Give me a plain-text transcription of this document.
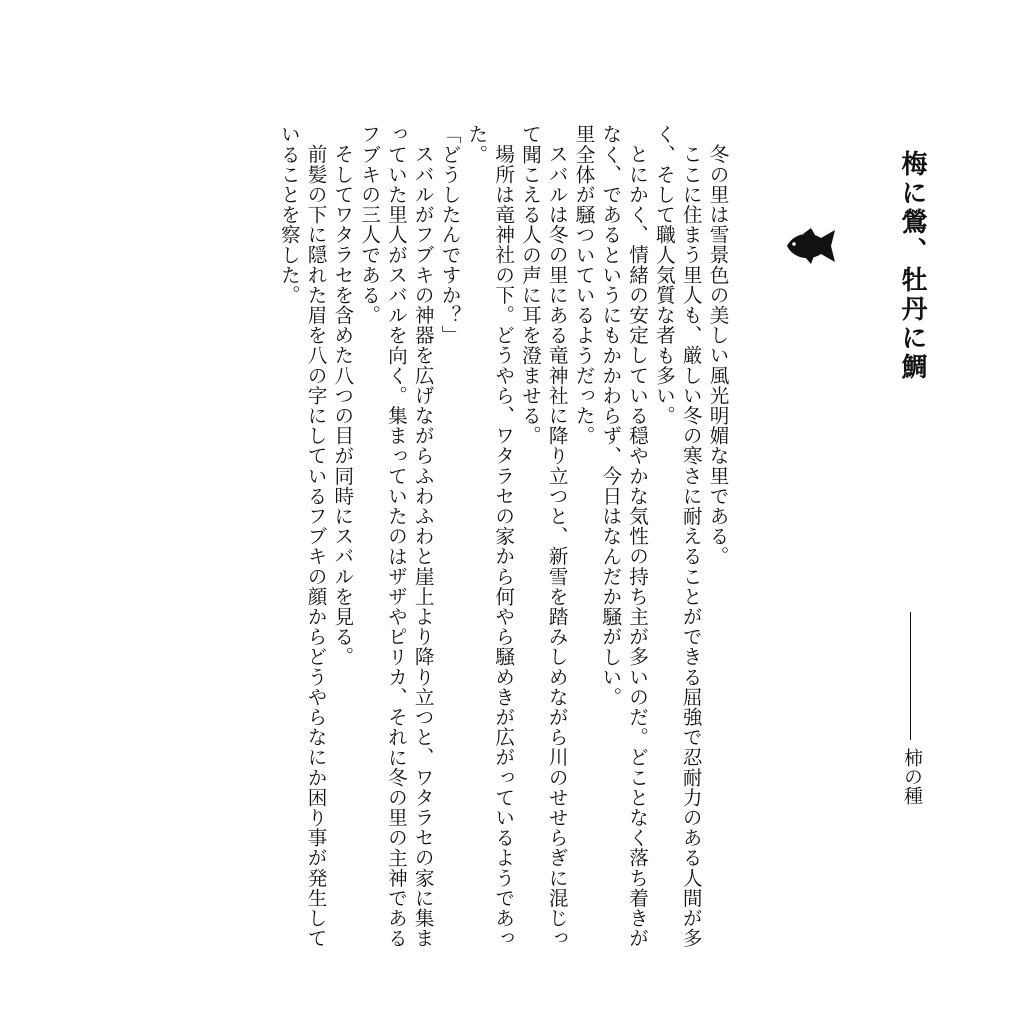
梅に鶯、牡丹に鯛
柿の種

冬の里は雪景色の美しい風光明媚な里である。

ここに住まう里人も、厳しい冬の寒さに耐えることができる屈強で忍耐力のある人間が多く、そして職人気質な者も多い。

とにかく、情緒の安定している穏やかな気性の持ち主が多いのだ。どことなく落ち着きがなく、であるというにもかかわらず、今日はなんだか騒がしい。

里全体が騒ついているようだった。

スバルは冬の里にある竜神社に降り立つと、新雪を踏みしめながら川のせせらぎに混じって聞こえる人の声に耳を澄ませる。

場所は竜神社の下。どうやら、ワタラセの家から何やら騒めきが広がっているようであった。

「どうしたんですか？」

スバルがフブキの神器を広げながらふわふわと崖上より降り立つと、ワタラセの家に集まっていた里人がスバルを向く。集まっていたのはザザやピリカ、それに冬の里の主神であるフブキの三人である。

そしてワタラセを含めた八つの目が同時にスバルを見る。

前髪の下に隠れた眉を八の字にしているフブキの顔からどうやらなにか困り事が発生していることを察した。
